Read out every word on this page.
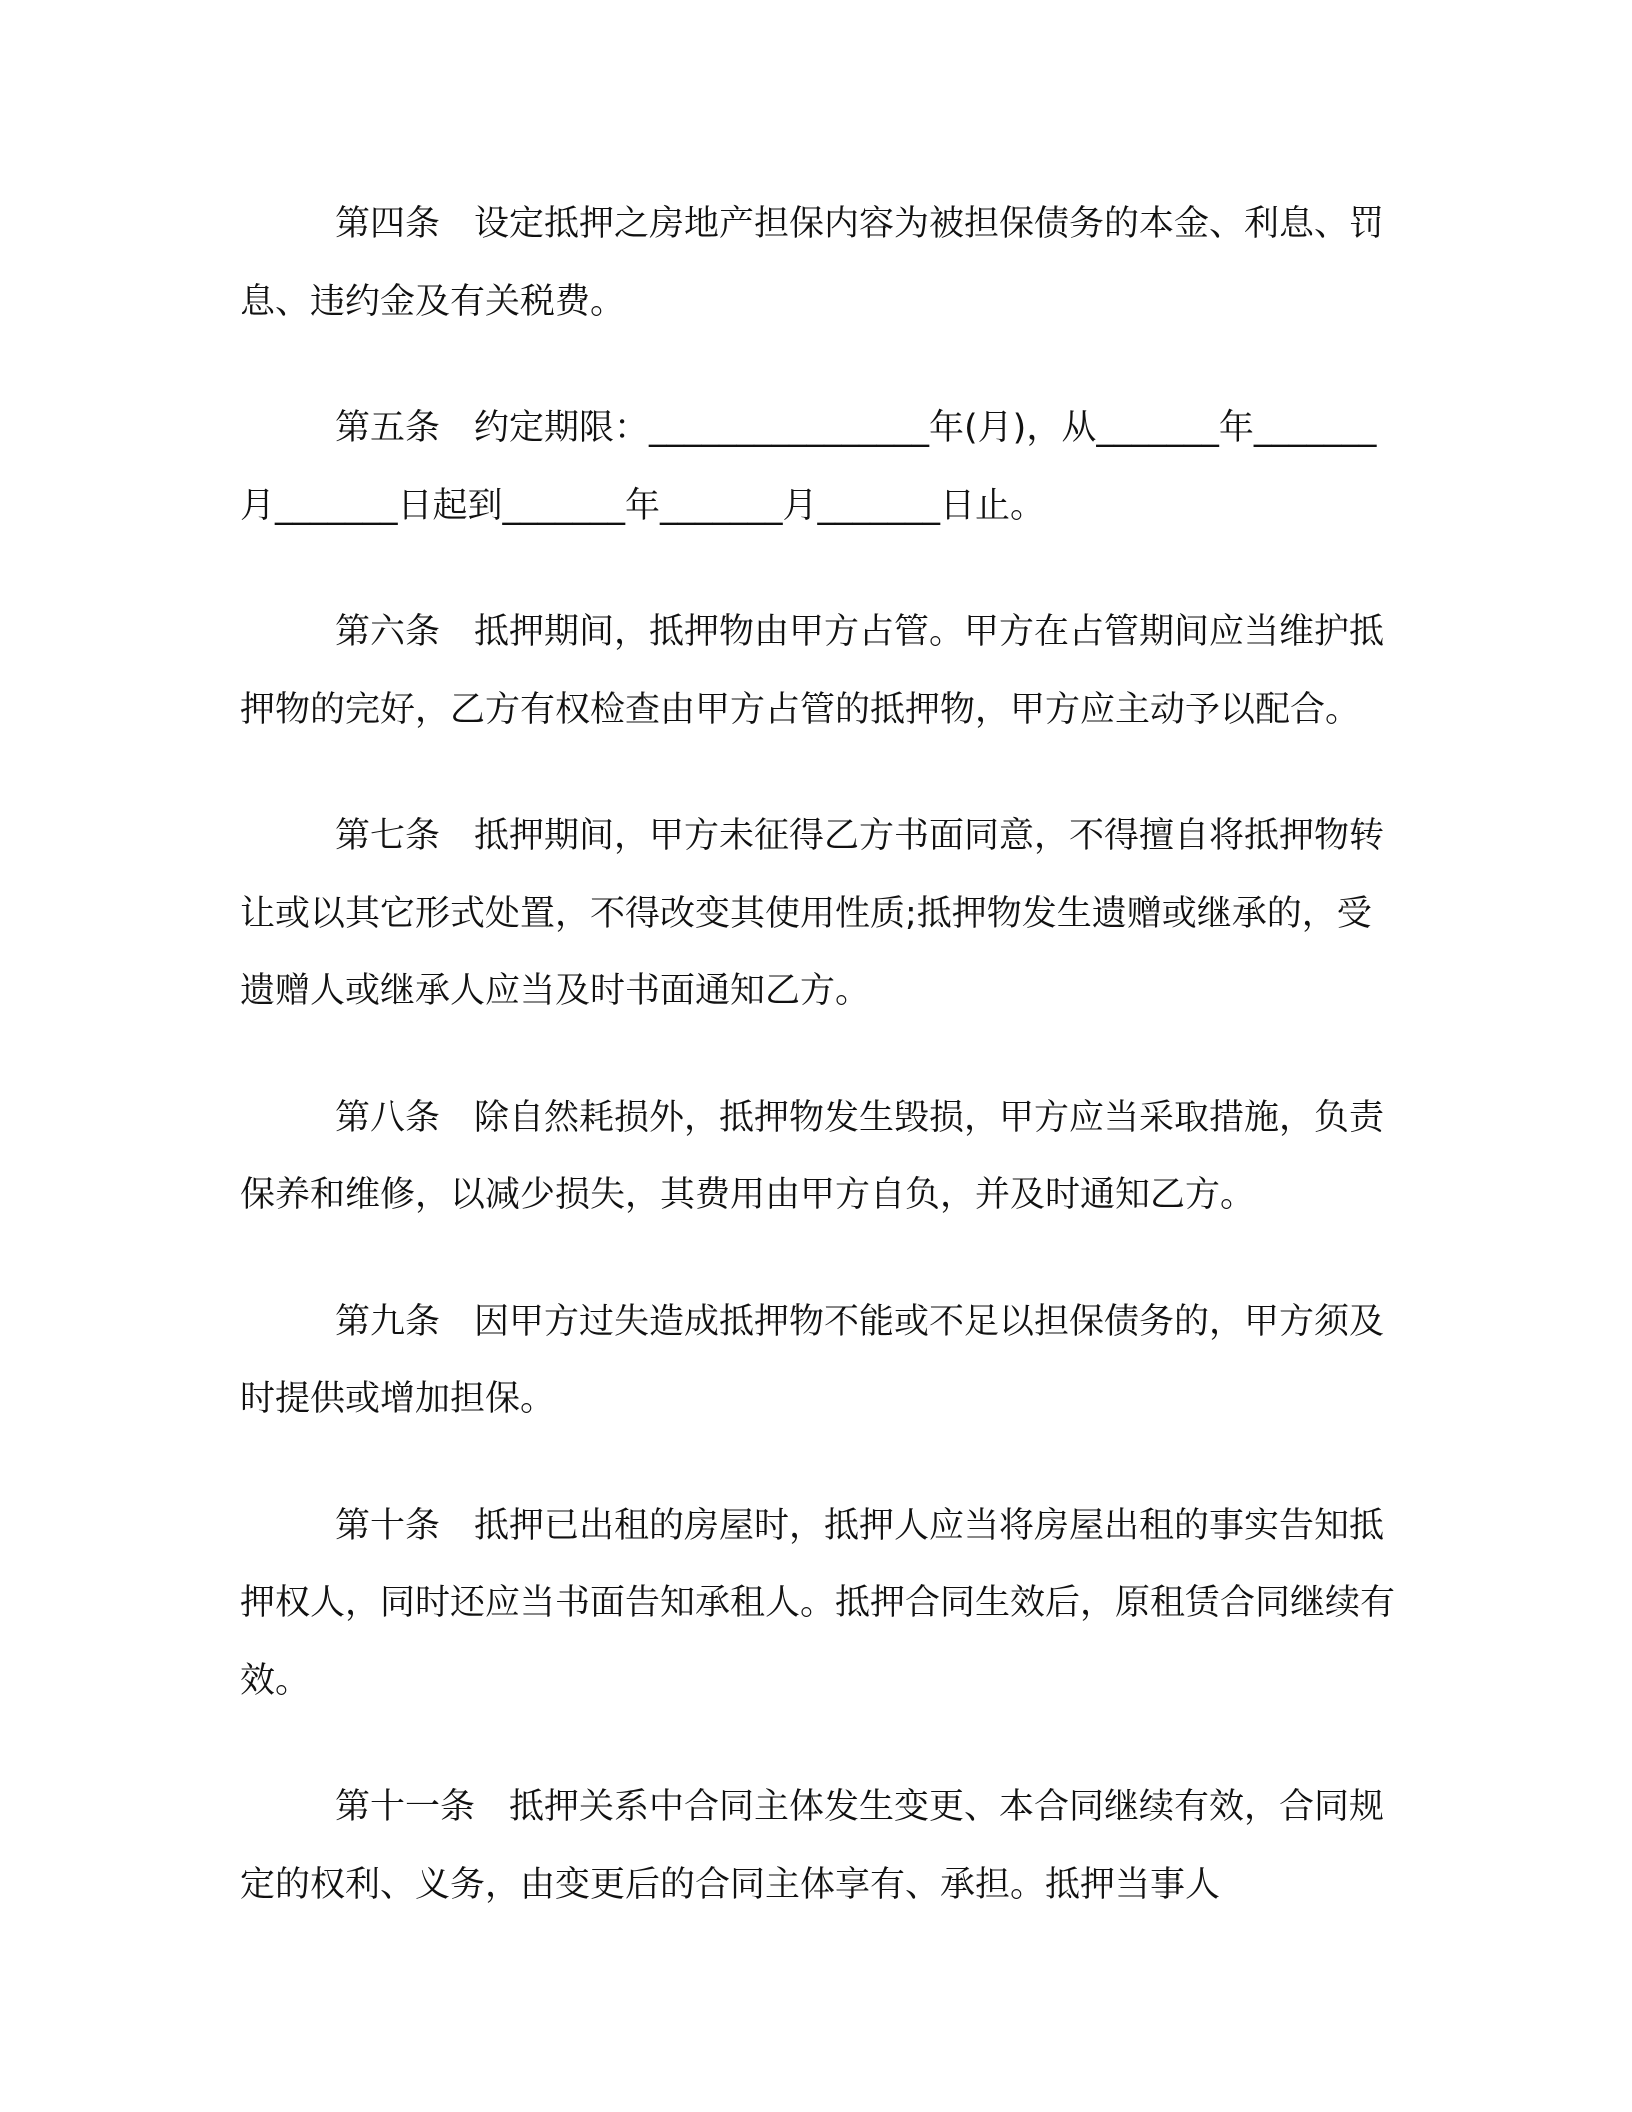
第四条 设定抵押之房地产担保内容为被担保债务的本金、利息、罚息、违约金及有关税费。

第五条 约定期限：________________年(月)，从_______年_______月_______日起到_______年_______月_______日止。

第六条 抵押期间，抵押物由甲方占管。甲方在占管期间应当维护抵押物的完好，乙方有权检查由甲方占管的抵押物，甲方应主动予以配合。

第七条 抵押期间，甲方未征得乙方书面同意，不得擅自将抵押物转让或以其它形式处置，不得改变其使用性质;抵押物发生遗赠或继承的，受遗赠人或继承人应当及时书面通知乙方。

第八条 除自然耗损外，抵押物发生毁损，甲方应当采取措施，负责保养和维修，以减少损失，其费用由甲方自负，并及时通知乙方。

第九条 因甲方过失造成抵押物不能或不足以担保债务的，甲方须及时提供或增加担保。

第十条 抵押已出租的房屋时，抵押人应当将房屋出租的事实告知抵押权人，同时还应当书面告知承租人。抵押合同生效后，原租赁合同继续有效。

第十一条 抵押关系中合同主体发生变更、本合同继续有效，合同规定的权利、义务，由变更后的合同主体享有、承担。抵押当事人
